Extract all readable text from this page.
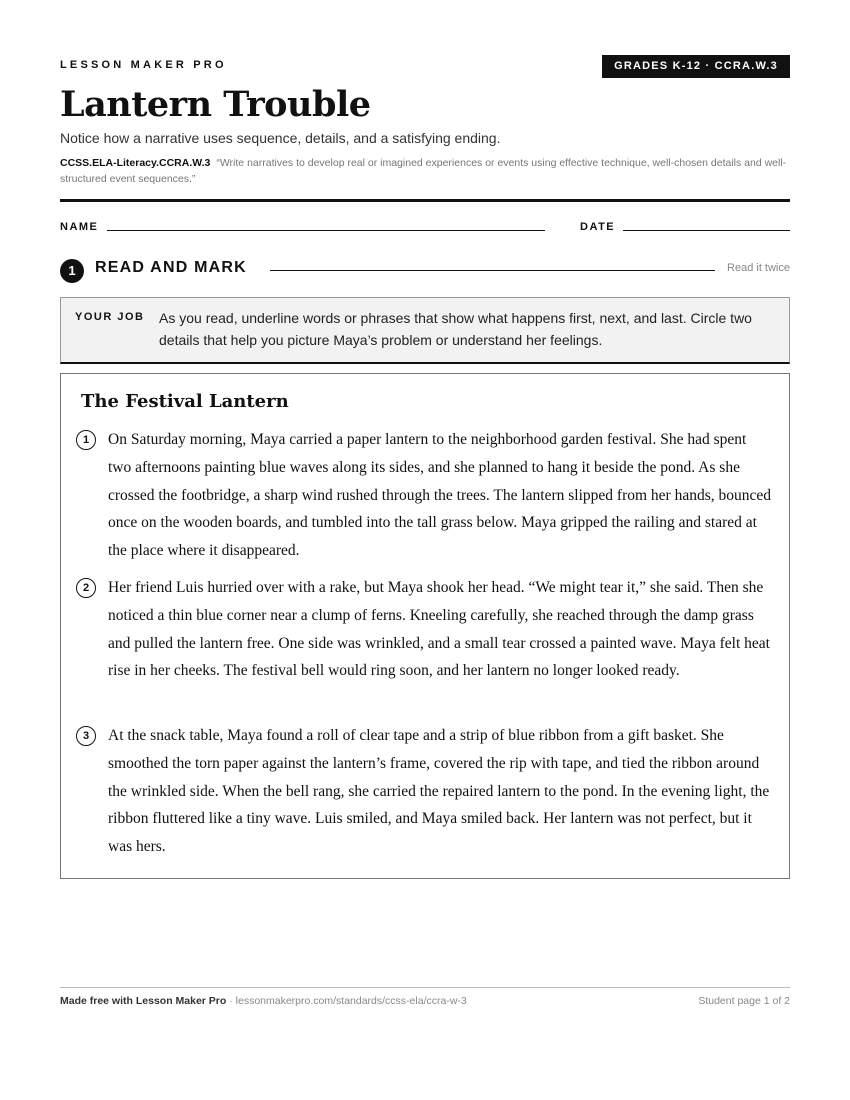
LESSON MAKER PRO	GRADES K-12 · CCRA.W.3
Lantern Trouble
Notice how a narrative uses sequence, details, and a satisfying ending.
CCSS.ELA-Literacy.CCRA.W.3 “Write narratives to develop real or imagined experiences or events using effective technique, well-chosen details and well-structured event sequences.”
NAME	DATE
1	READ AND MARK	Read it twice
YOUR JOB As you read, underline words or phrases that show what happens first, next, and last. Circle two details that help you picture Maya’s problem or understand her feelings.
The Festival Lantern
1	On Saturday morning, Maya carried a paper lantern to the neighborhood garden festival. She had spent two afternoons painting blue waves along its sides, and she planned to hang it beside the pond. As she crossed the footbridge, a sharp wind rushed through the trees. The lantern slipped from her hands, bounced once on the wooden boards, and tumbled into the tall grass below. Maya gripped the railing and stared at the place where it disappeared.
2	Her friend Luis hurried over with a rake, but Maya shook her head. “We might tear it,” she said. Then she noticed a thin blue corner near a clump of ferns. Kneeling carefully, she reached through the damp grass and pulled the lantern free. One side was wrinkled, and a small tear crossed a painted wave. Maya felt heat rise in her cheeks. The festival bell would ring soon, and her lantern no longer looked ready.
3	At the snack table, Maya found a roll of clear tape and a strip of blue ribbon from a gift basket. She smoothed the torn paper against the lantern’s frame, covered the rip with tape, and tied the ribbon around the wrinkled side. When the bell rang, she carried the repaired lantern to the pond. In the evening light, the ribbon fluttered like a tiny wave. Luis smiled, and Maya smiled back. Her lantern was not perfect, but it was hers.
Made free with Lesson Maker Pro · lessonmakerpro.com/standards/ccss-ela/ccra-w-3	Student page 1 of 2
